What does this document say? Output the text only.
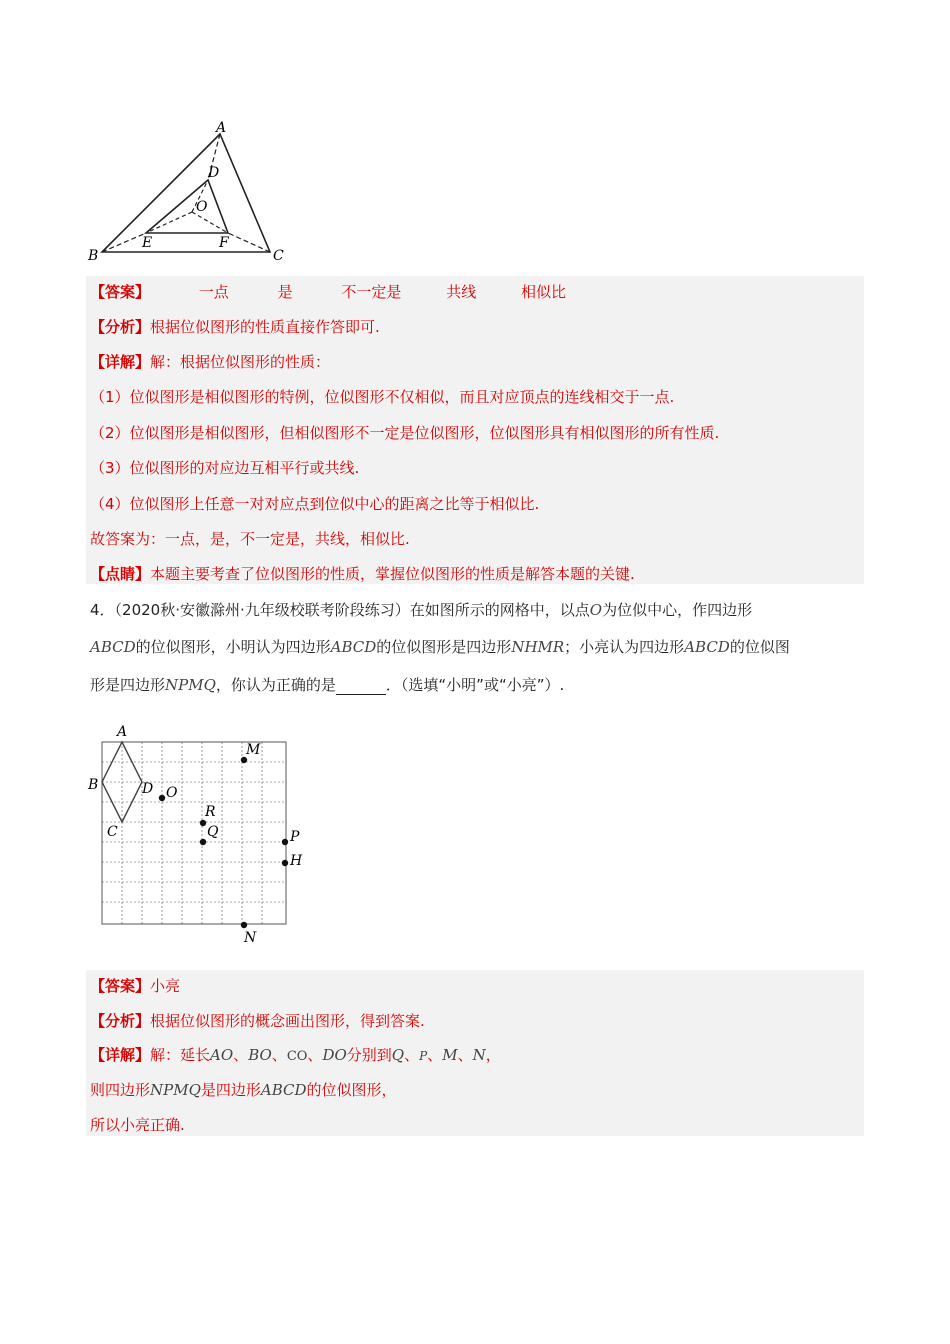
A
B	C
D
O
E	F
【答案】	一点	是	不一定是	共线	相似比
【分析】根据位似图形的性质直接作答即可.
【详解】解：根据位似图形的性质：
（1）位似图形是相似图形的特例，位似图形不仅相似，而且对应顶点的连线相交于一点.
（2）位似图形是相似图形，但相似图形不一定是位似图形，位似图形具有相似图形的所有性质.
（3）位似图形的对应边互相平行或共线.
（4）位似图形上任意一对对应点到位似中心的距离之比等于相似比.
故答案为：一点，是，不一定是，共线，相似比.
【点睛】本题主要考查了位似图形的性质，掌握位似图形的性质是解答本题的关键.
4．（2020秋·安徽滁州·九年级校联考阶段练习）在如图所示的网格中，以点O为位似中心，作四边形
ABCD的位似图形，小明认为四边形ABCD的位似图形是四边形NHMR；小亮认为四边形ABCD的位似图
形是四边形NPMQ，你认为正确的是	．（选填“小明”或“小亮”）.
A
B
C
D O
M
R
Q	P
H
N
【答案】小亮
【分析】根据位似图形的概念画出图形，得到答案.
【详解】解：延长AO、BO、CO、DO分别到Q、P、M、N，
则四边形NPMQ是四边形ABCD的位似图形，
所以小亮正确.
